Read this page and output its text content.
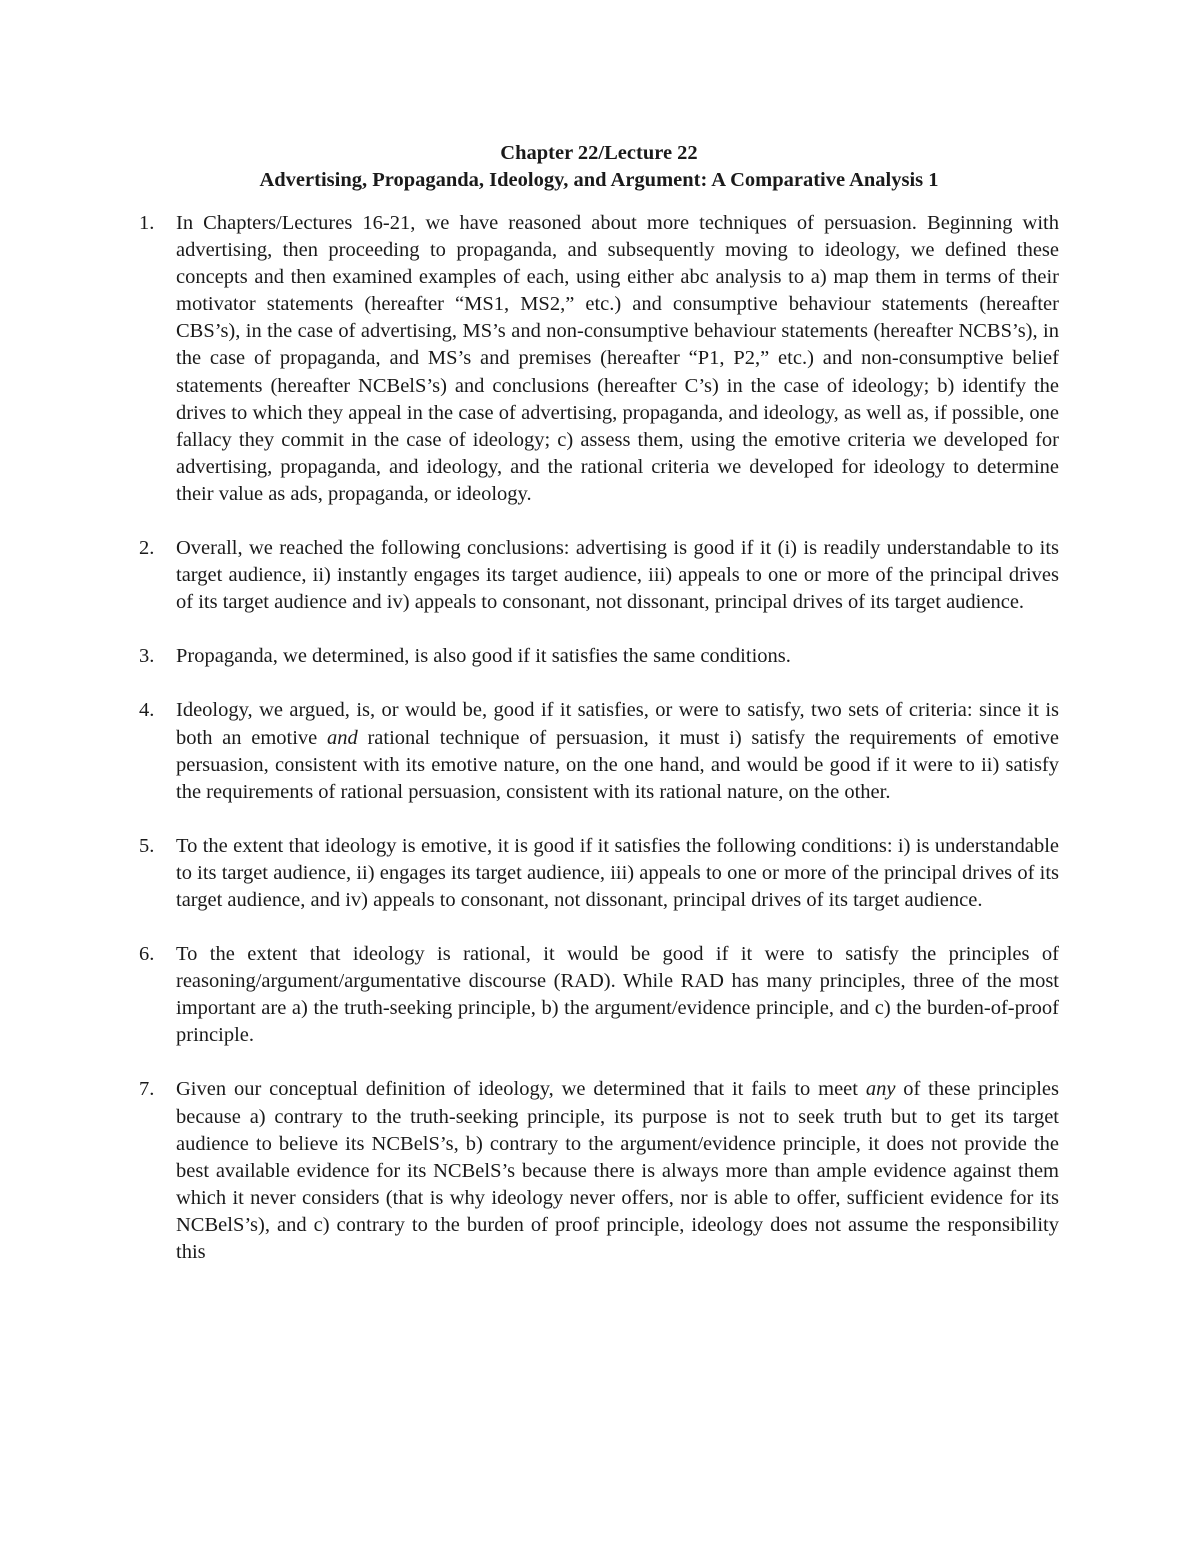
Chapter 22/Lecture 22

Advertising, Propaganda, Ideology, and Argument: A Comparative Analysis 1

1. In Chapters/Lectures 16-21, we have reasoned about more techniques of persuasion. Beginning with advertising, then proceeding to propaganda, and subsequently moving to ideology, we defined these concepts and then examined examples of each, using either abc analysis to a) map them in terms of their motivator statements (hereafter “MS1, MS2,” etc.) and consumptive behaviour statements (hereafter CBS’s), in the case of advertising, MS’s and non-consumptive behaviour statements (hereafter NCBS’s), in the case of propaganda, and MS’s and premises (hereafter “P1, P2,” etc.) and non-consumptive belief statements (hereafter NCBelS’s) and conclusions (hereafter C’s) in the case of ideology; b) identify the drives to which they appeal in the case of advertising, propaganda, and ideology, as well as, if possible, one fallacy they commit in the case of ideology; c) assess them, using the emotive criteria we developed for advertising, propaganda, and ideology, and the rational criteria we developed for ideology to determine their value as ads, propaganda, or ideology.
2. Overall, we reached the following conclusions: advertising is good if it (i) is readily understandable to its target audience, ii) instantly engages its target audience, iii) appeals to one or more of the principal drives of its target audience and iv) appeals to consonant, not dissonant, principal drives of its target audience.
3. Propaganda, we determined, is also good if it satisfies the same conditions.
4. Ideology, we argued, is, or would be, good if it satisfies, or were to satisfy, two sets of criteria: since it is both an emotive and rational technique of persuasion, it must i) satisfy the requirements of emotive persuasion, consistent with its emotive nature, on the one hand, and would be good if it were to ii) satisfy the requirements of rational persuasion, consistent with its rational nature, on the other.
5. To the extent that ideology is emotive, it is good if it satisfies the following conditions: i) is understandable to its target audience, ii) engages its target audience, iii) appeals to one or more of the principal drives of its target audience, and iv) appeals to consonant, not dissonant, principal drives of its target audience.
6. To the extent that ideology is rational, it would be good if it were to satisfy the principles of reasoning/argument/argumentative discourse (RAD). While RAD has many principles, three of the most important are a) the truth-seeking principle, b) the argument/evidence principle, and c) the burden-of-proof principle.
7. Given our conceptual definition of ideology, we determined that it fails to meet any of these principles because a) contrary to the truth-seeking principle, its purpose is not to seek truth but to get its target audience to believe its NCBelS’s, b) contrary to the argument/evidence principle, it does not provide the best available evidence for its NCBelS’s because there is always more than ample evidence against them which it never considers (that is why ideology never offers, nor is able to offer, sufficient evidence for its NCBelS’s), and c) contrary to the burden of proof principle, ideology does not assume the responsibility this
